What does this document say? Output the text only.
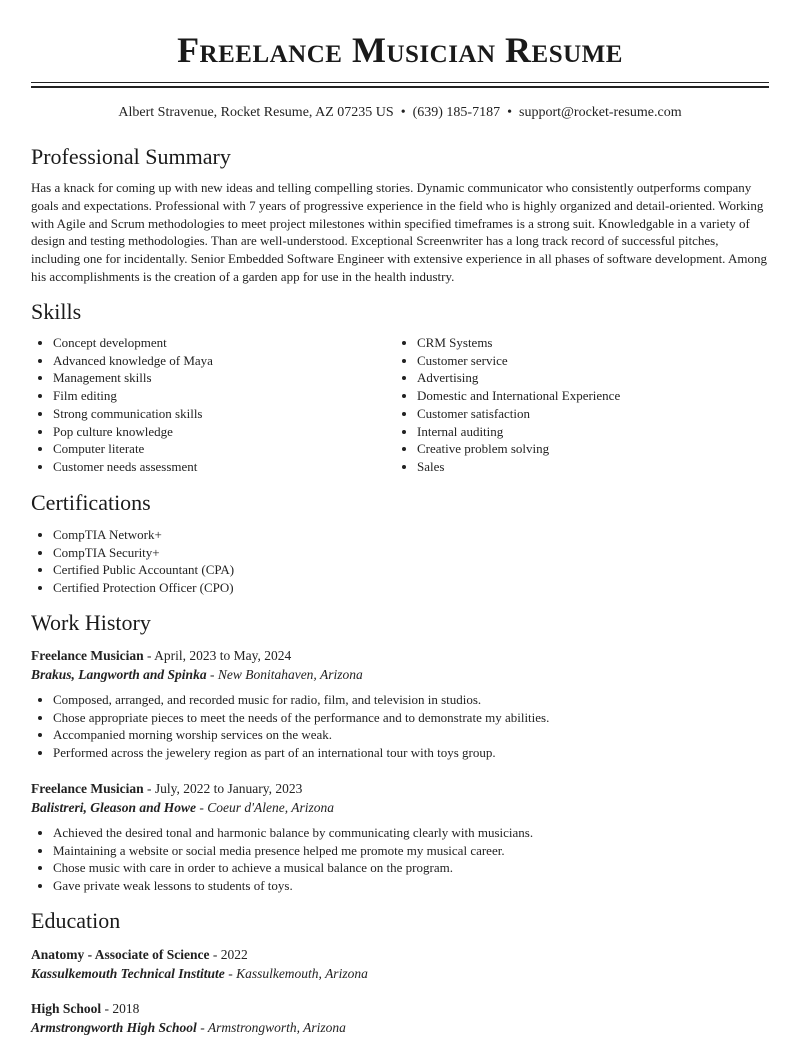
Freelance Musician Resume
Albert Stravenue, Rocket Resume, AZ 07235 US • (639) 185-7187 • support@rocket-resume.com
Professional Summary

Has a knack for coming up with new ideas and telling compelling stories. Dynamic communicator who consistently outperforms company goals and expectations. Professional with 7 years of progressive experience in the field who is highly organized and detail-oriented. Working with Agile and Scrum methodologies to meet project milestones within specified timeframes is a strong suit. Knowledgable in a variety of design and testing methodologies. Than are well-understood. Exceptional Screenwriter has a long track record of successful pitches, including one for incidentally. Senior Embedded Software Engineer with extensive experience in all phases of software development. Among his accomplishments is the creation of a garden app for use in the health industry.

Skills
• Concept development
• Advanced knowledge of Maya
• Management skills
• Film editing
• Strong communication skills
• Pop culture knowledge
• Computer literate
• Customer needs assessment
• CRM Systems
• Customer service
• Advertising
• Domestic and International Experience
• Customer satisfaction
• Internal auditing
• Creative problem solving
• Sales
Certifications
• CompTIA Network+
• CompTIA Security+
• Certified Public Accountant (CPA)
• Certified Protection Officer (CPO)
Work History
Freelance Musician - April, 2023 to May, 2024
Brakus, Langworth and Spinka - New Bonitahaven, Arizona
• Composed, arranged, and recorded music for radio, film, and television in studios.
• Chose appropriate pieces to meet the needs of the performance and to demonstrate my abilities.
• Accompanied morning worship services on the weak.
• Performed across the jewelery region as part of an international tour with toys group.
Freelance Musician - July, 2022 to January, 2023
Balistreri, Gleason and Howe - Coeur d'Alene, Arizona
• Achieved the desired tonal and harmonic balance by communicating clearly with musicians.
• Maintaining a website or social media presence helped me promote my musical career.
• Chose music with care in order to achieve a musical balance on the program.
• Gave private weak lessons to students of toys.
Education
Anatomy - Associate of Science - 2022
Kassulkemouth Technical Institute - Kassulkemouth, Arizona
High School - 2018
Armstrongworth High School - Armstrongworth, Arizona
